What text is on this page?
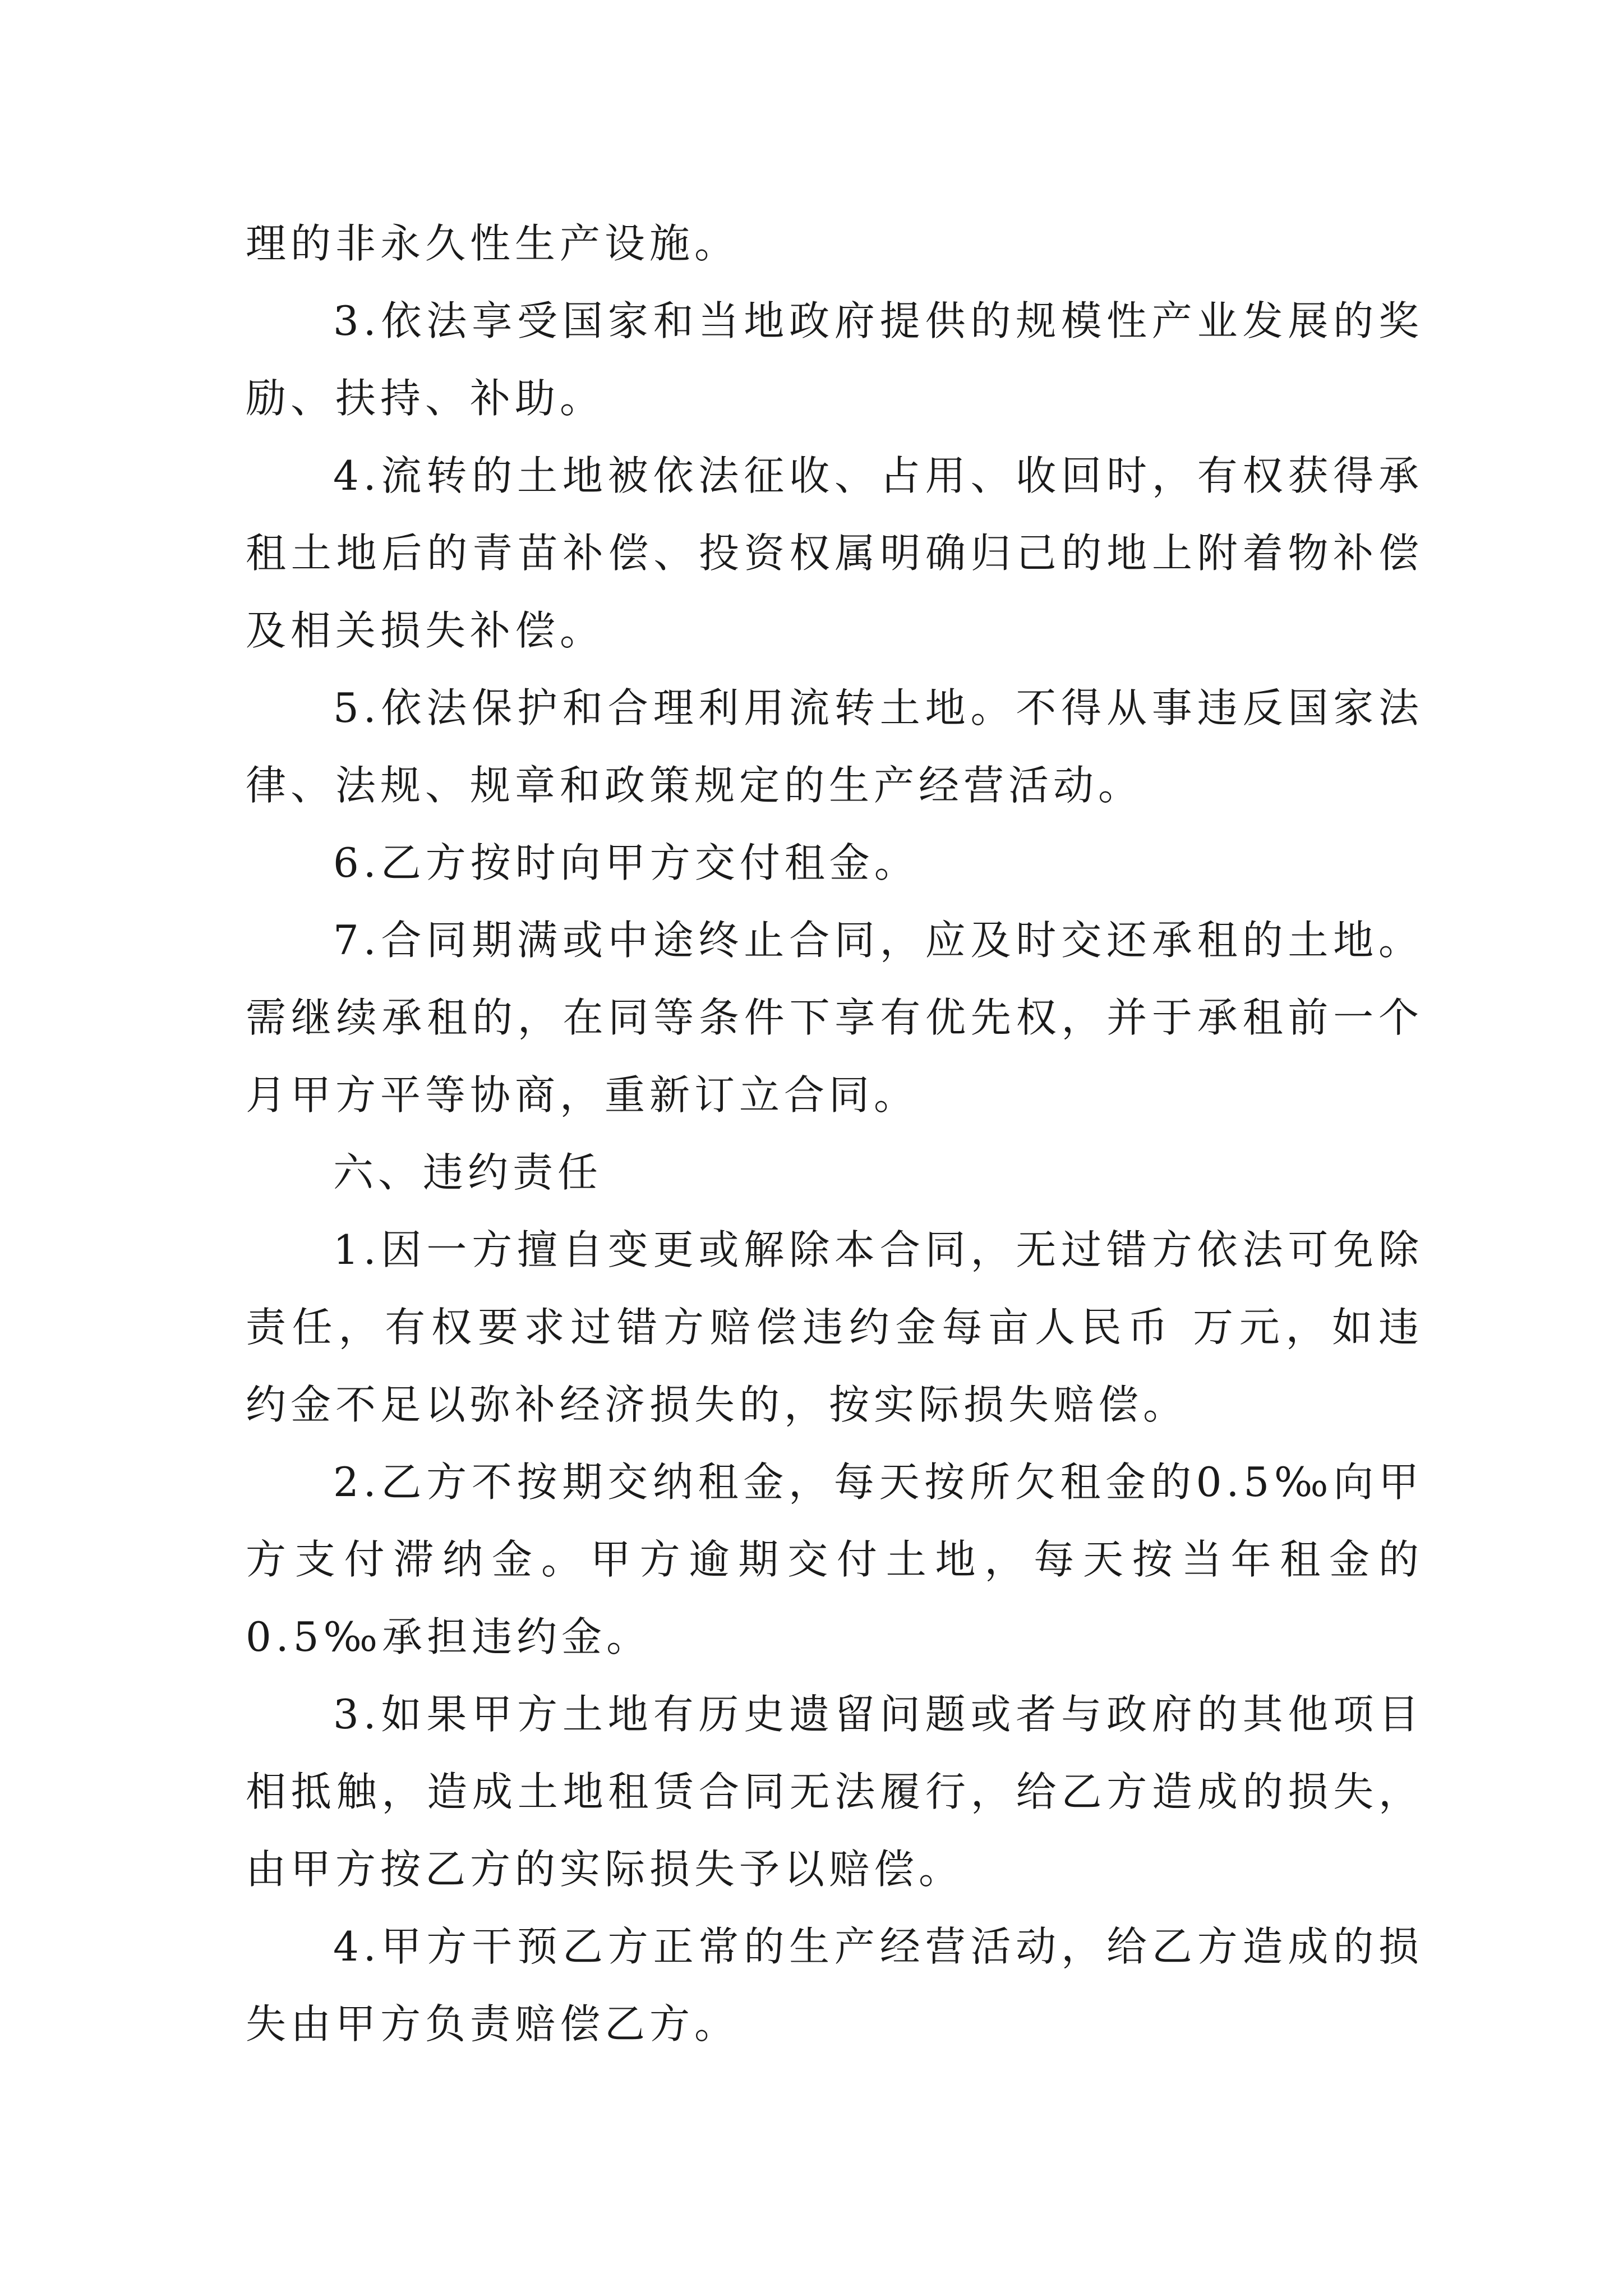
理的非永久性生产设施。

3.依法享受国家和当地政府提供的规模性产业发展的奖励、扶持、补助。

4.流转的土地被依法征收、占用、收回时，有权获得承租土地后的青苗补偿、投资权属明确归己的地上附着物补偿及相关损失补偿。

5.依法保护和合理利用流转土地。不得从事违反国家法律、法规、规章和政策规定的生产经营活动。

6.乙方按时向甲方交付租金。

7.合同期满或中途终止合同，应及时交还承租的土地。需继续承租的，在同等条件下享有优先权，并于承租前一个月甲方平等协商，重新订立合同。

六、违约责任

1.因一方擅自变更或解除本合同，无过错方依法可免除责任，有权要求过错方赔偿违约金每亩人民币 万元，如违约金不足以弥补经济损失的，按实际损失赔偿。

2.乙方不按期交纳租金，每天按所欠租金的0.5‰向甲方支付滞纳金。甲方逾期交付土地，每天按当年租金的0.5‰承担违约金。

3.如果甲方土地有历史遗留问题或者与政府的其他项目相抵触，造成土地租赁合同无法履行，给乙方造成的损失，由甲方按乙方的实际损失予以赔偿。

4.甲方干预乙方正常的生产经营活动，给乙方造成的损失由甲方负责赔偿乙方。
